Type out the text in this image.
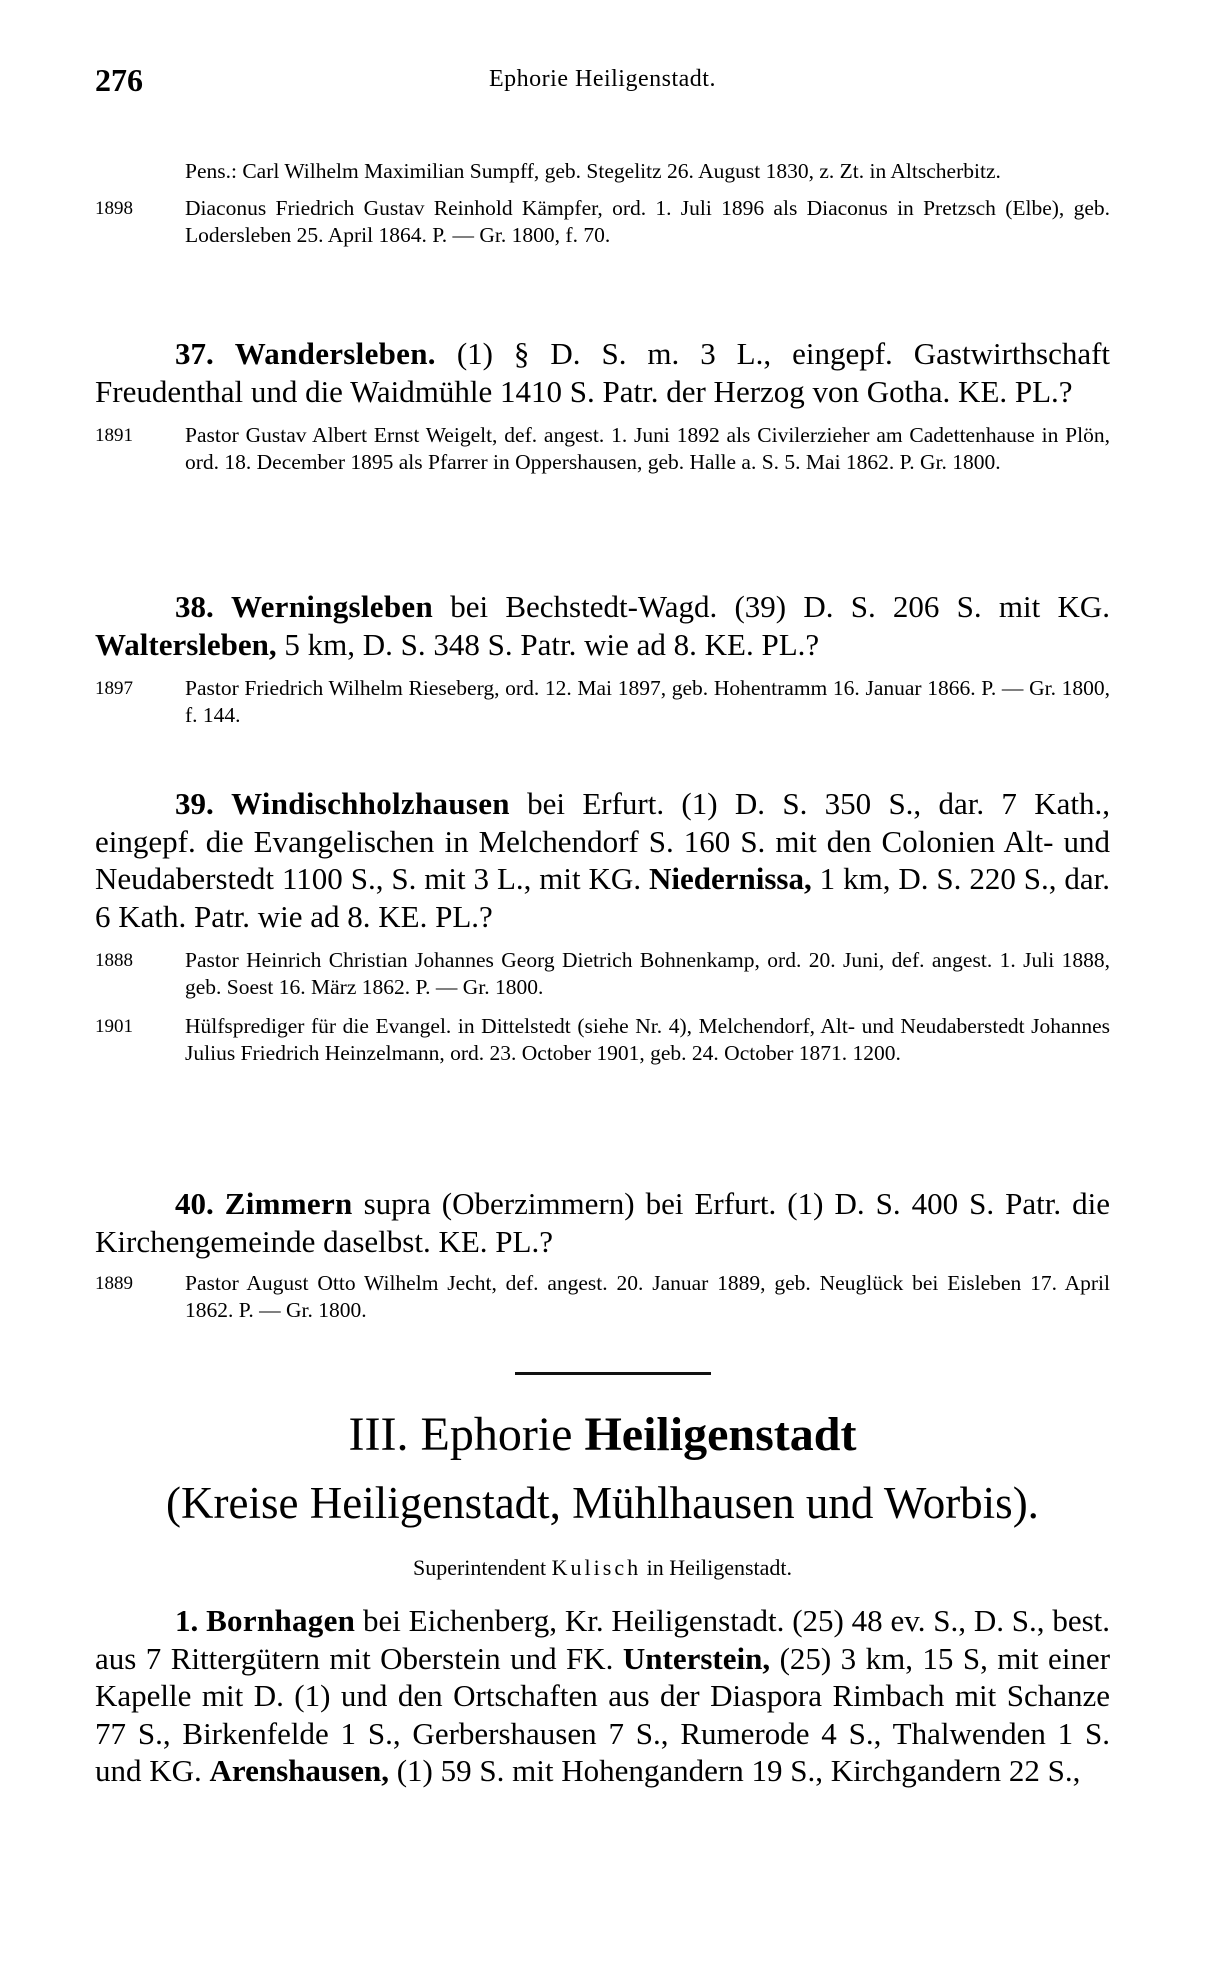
276	Ephorie Heiligenstadt.

Pens.: Carl Wilhelm Maximilian Sumpff, geb. Stegelitz 26. August 1830, z. Zt. in Altscherbitz.

1898	Diaconus Friedrich Gustav Reinhold Kämpfer, ord. 1. Juli 1896 als Diaconus in Pretzsch (Elbe), geb. Lodersleben 25. April 1864. P. — Gr. 1800, f. 70.

37. Wandersleben. (1) § D. S. m. 3 L., eingepf. Gastwirthschaft Freudenthal und die Waidmühle 1410 S. Patr. der Herzog von Gotha. KE. PL.?

1891	Pastor Gustav Albert Ernst Weigelt, def. angest. 1. Juni 1892 als Civilerzieher am Cadettenhause in Plön, ord. 18. December 1895 als Pfarrer in Oppershausen, geb. Halle a. S. 5. Mai 1862. P. Gr. 1800.

38. Werningsleben bei Bechstedt-Wagd. (39) D. S. 206 S. mit KG. Waltersleben, 5 km, D. S. 348 S. Patr. wie ad 8. KE. PL.?

1897	Pastor Friedrich Wilhelm Rieseberg, ord. 12. Mai 1897, geb. Hohentramm 16. Januar 1866. P. — Gr. 1800, f. 144.

39. Windischholzhausen bei Erfurt. (1) D. S. 350 S., dar. 7 Kath., eingepf. die Evangelischen in Melchendorf S. 160 S. mit den Colonien Alt- und Neudaberstedt 1100 S., S. mit 3 L., mit KG. Niedernissa, 1 km, D. S. 220 S., dar. 6 Kath. Patr. wie ad 8. KE. PL.?

1888	Pastor Heinrich Christian Johannes Georg Dietrich Bohnenkamp, ord. 20. Juni, def. angest. 1. Juli 1888, geb. Soest 16. März 1862. P. — Gr. 1800.

1901	Hülfsprediger für die Evangel. in Dittelstedt (siehe Nr. 4), Melchendorf, Alt- und Neudaberstedt Johannes Julius Friedrich Heinzelmann, ord. 23. October 1901, geb. 24. October 1871. 1200.

40. Zimmern supra (Oberzimmern) bei Erfurt. (1) D. S. 400 S. Patr. die Kirchengemeinde daselbst. KE. PL.?

1889	Pastor August Otto Wilhelm Jecht, def. angest. 20. Januar 1889, geb. Neuglück bei Eisleben 17. April 1862. P. — Gr. 1800.

III. Ephorie Heiligenstadt
(Kreise Heiligenstadt, Mühlhausen und Worbis).
Superintendent Kulisch in Heiligenstadt.

1. Bornhagen bei Eichenberg, Kr. Heiligenstadt. (25) 48 ev. S., D. S., best. aus 7 Rittergütern mit Oberstein und FK. Unterstein, (25) 3 km, 15 S, mit einer Kapelle mit D. (1) und den Ortschaften aus der Diaspora Rimbach mit Schanze 77 S., Birkenfelde 1 S., Gerbershausen 7 S., Rumerode 4 S., Thalwenden 1 S. und KG. Arenshausen, (1) 59 S. mit Hohengandern 19 S., Kirchgandern 22 S.,
